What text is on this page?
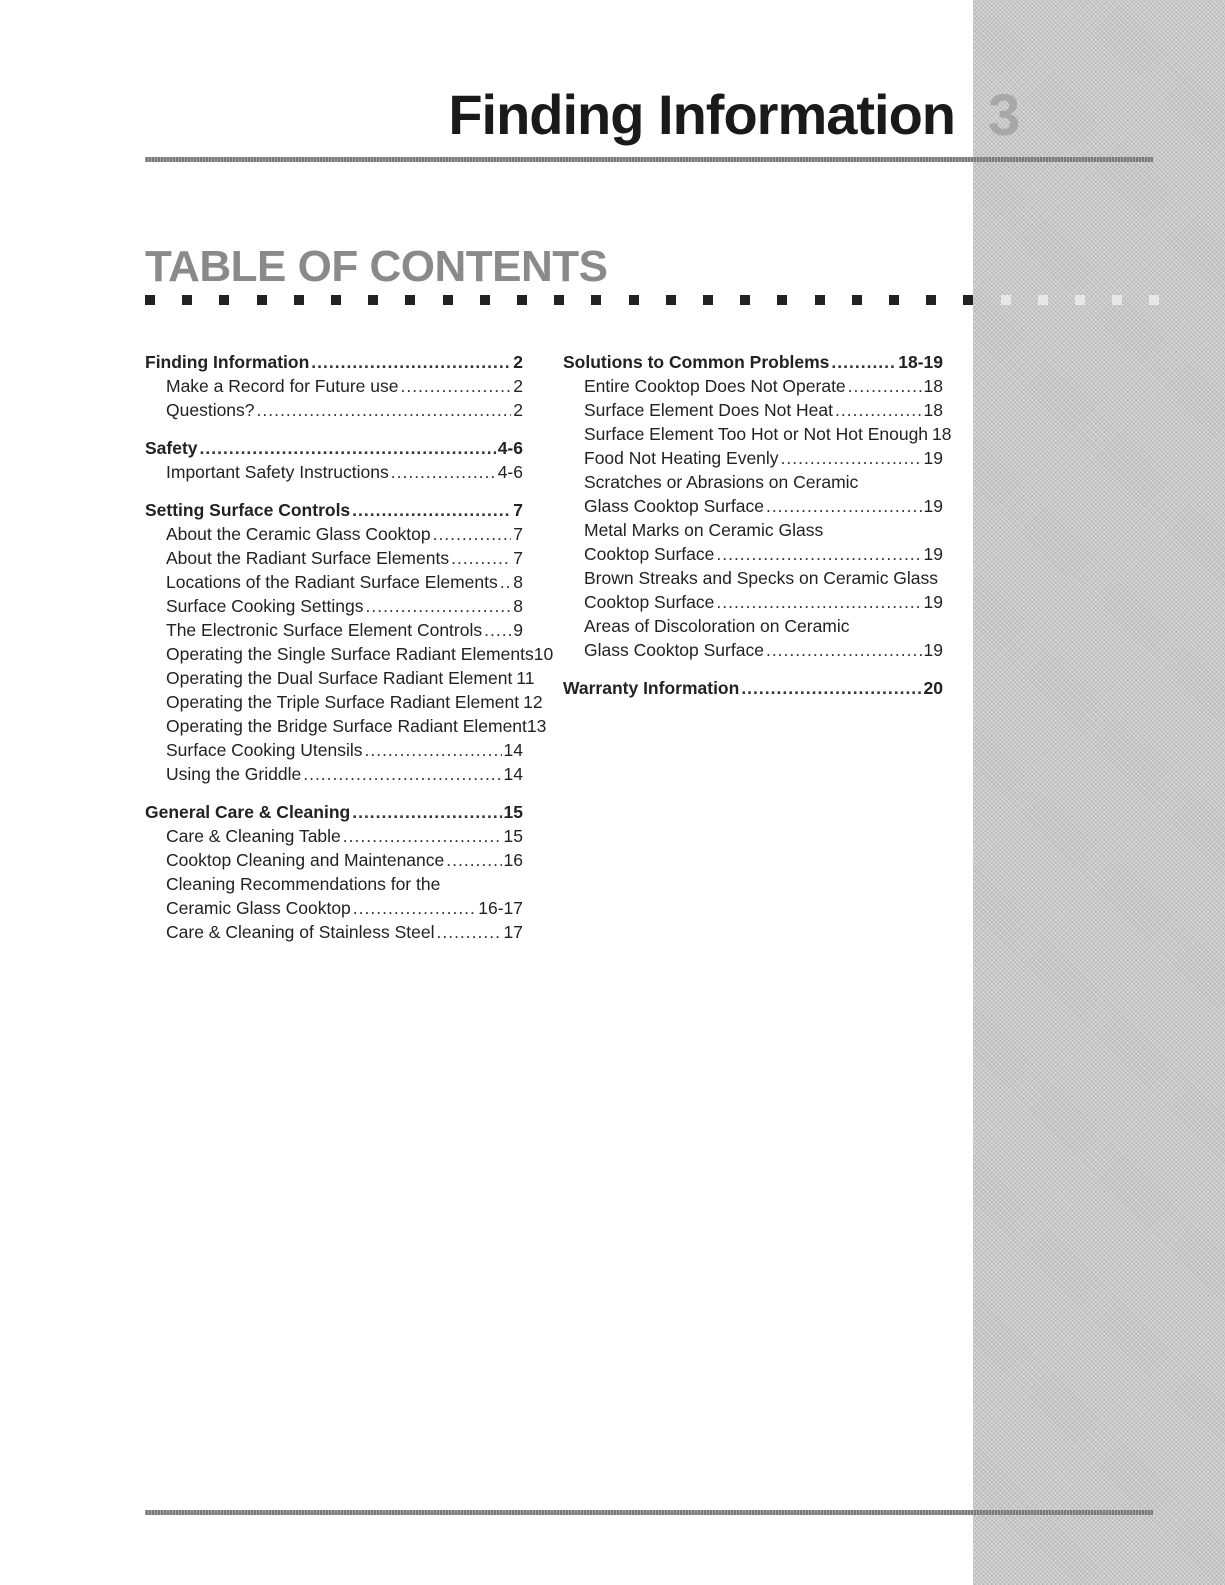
Finding Information 3
TABLE OF CONTENTS
Finding Information .....	2
Make a Record for Future use .....	2
Questions? .....	2
Safety .....	4-6
Important Safety Instructions .....	4-6
Setting Surface Controls .....	7
About the Ceramic Glass Cooktop .....	7
About the Radiant Surface Elements .....	7
Locations of the Radiant Surface Elements ..... 8
Surface Cooking Settings .....	8
The Electronic Surface Element Controls ..... 9
Operating the Single Surface Radiant Elements 10
Operating the Dual Surface Radiant Element 11
Operating the Triple Surface Radiant Element 12
Operating the Bridge Surface Radiant Element 13
Surface Cooking Utensils .....	14
Using the Griddle .....	14
General Care & Cleaning .....	15
Care & Cleaning Table .....	15
Cooktop Cleaning and Maintenance .....	16
Cleaning Recommendations for the
Ceramic Glass Cooktop .....	16-17
Care & Cleaning of Stainless Steel .....	17
Solutions to Common Problems .....	18-19
Entire Cooktop Does Not Operate .....	18
Surface Element Does Not Heat .....	18
Surface Element Too Hot or Not Hot Enough 18
Food Not Heating Evenly .....	19
Scratches or Abrasions on Ceramic
Glass Cooktop Surface .....	19
Metal Marks on Ceramic Glass
Cooktop Surface .....	19
Brown Streaks and Specks on Ceramic Glass
Cooktop Surface .....	19
Areas of Discoloration on Ceramic
Glass Cooktop Surface .....	19
Warranty Information .....	20
